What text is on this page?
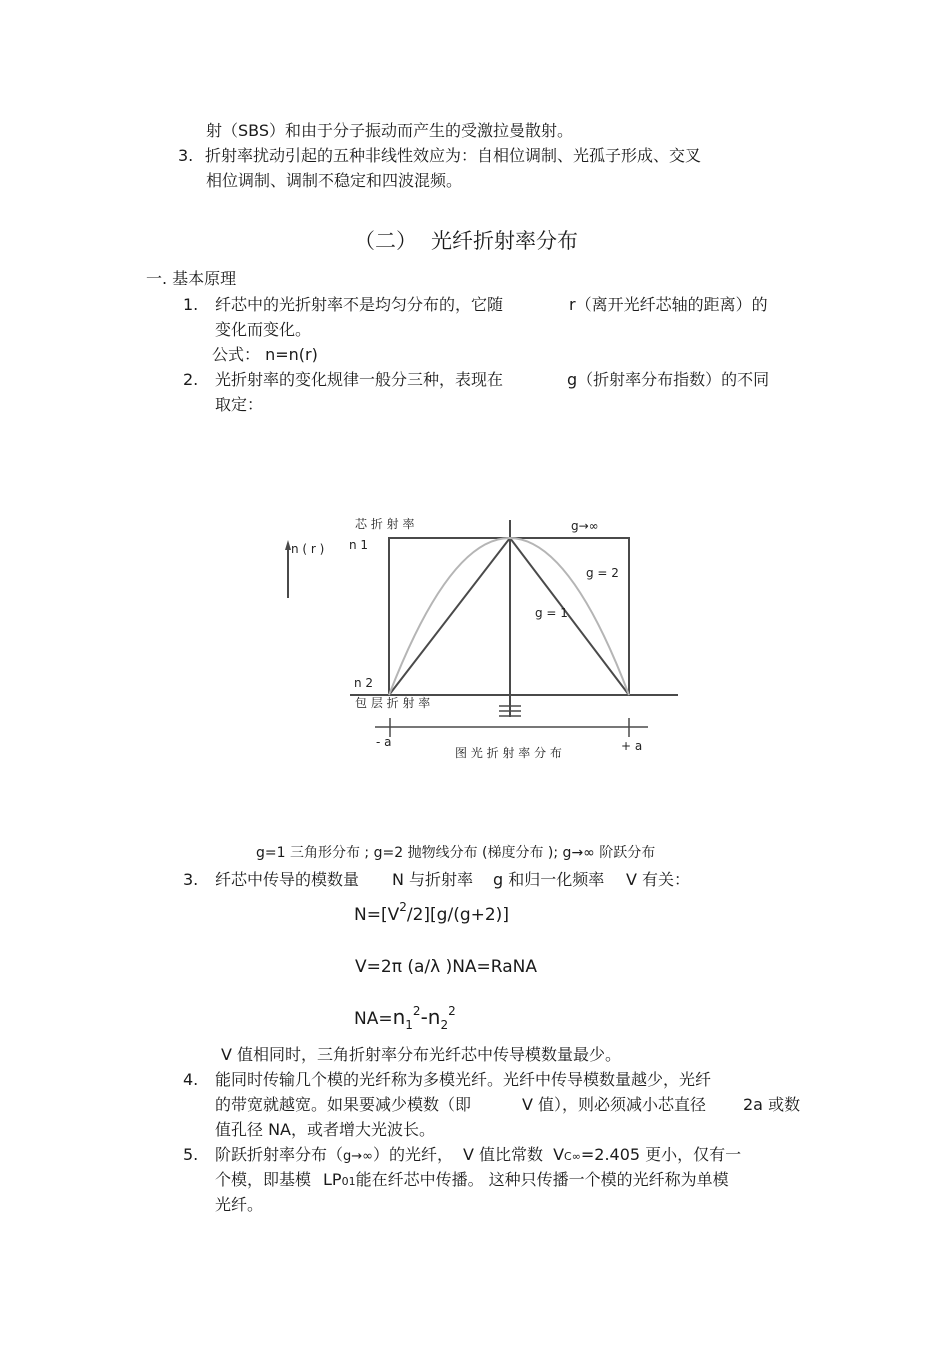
射（SBS）和由于分子振动而产生的受激拉曼散射。
3. 折射率扰动引起的五种非线性效应为：自相位调制、光孤子形成、交叉
相位调制、调制不稳定和四波混频。
（二） 光纤折射率分布
一. 基本原理
1. 纤芯中的光折射率不是均匀分布的，它随	r（离开光纤芯轴的距离）的
变化而变化。
公式： n=n(r)
2. 光折射率的变化规律一般分三种，表现在	g（折射率分布指数）的不同
取定：
芯 折 射 率
n ( r ) n 1
n 2
包 层 折 射 率
g→∞
g = 2
g = 1
- a	+ a
图 光 折 射 率 分 布
g=1 三角形分布 ; g=2 抛物线分布 (梯度分布 ); g→∞ 阶跃分布
3. 纤芯中传导的模数量 N 与折射率 g 和归一化频率 V 有关：
$N=[V^2/2][g/(g+2)]$
V=2π (a/λ )NA=RaNA
$NA=n_1^2-n_2^2$
V 值相同时，三角折射率分布光纤芯中传导模数量最少。
4. 能同时传输几个模的光纤称为多模光纤。光纤中传导模数量越少，光纤
的带宽就越宽。如果要减少模数（即	V 值），则必须减小芯直径 2a 或数
值孔径 NA，或者增大光波长。
5. 阶跃折射率分布（g→∞）的光纤， V 值比常数 VC∞=2.405 更小，仅有一
个模，即基模 LP01能在纤芯中传播。 这种只传播一个模的光纤称为单模
光纤。
